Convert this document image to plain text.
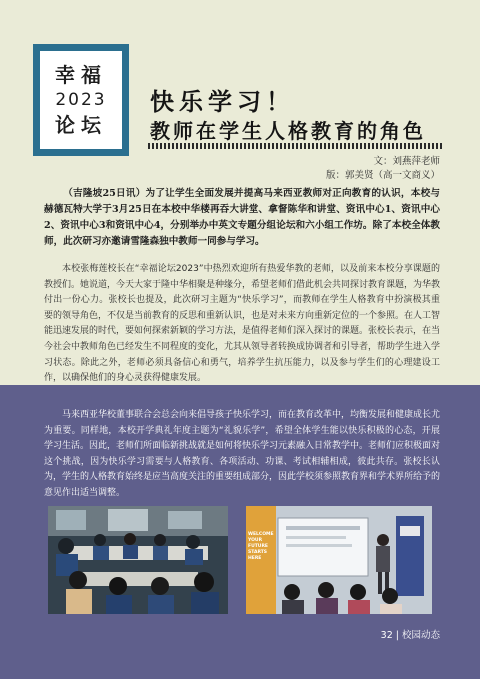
幸福
2023
论坛
快乐学习！
教师在学生人格教育的角色
文：刘燕萍老师
版：郭美贤（高一文商义）

（吉隆坡25日讯）为了让学生全面发展并提高马来西亚教师对正向教育的认识，本校与赫德瓦特大学于3月25日在本校中华楼再吞大讲堂、拿督陈华和讲堂、资讯中心1、资讯中心2、资讯中心3和资讯中心4，分别举办中英文专题分组论坛和六小组工作坊。除了本校全体教师，此次研习亦邀请雪隆森独中教师一同参与学习。

本校张梅莲校长在“幸福论坛2023”中热烈欢迎所有热爱华教的老师，以及前来本校分享课题的教授们。她说道，今天大家于隆中华相聚是种缘分，希望老师们借此机会共同探讨教育课题，为华教付出一份心力。张校长也提及，此次研习主题为“快乐学习”，而教师在学生人格教育中扮演极其重要的领导角色，不仅是当前教育的反思和重新认识，也是对未来方向重新定位的一个参照。在人工智能迅速发展的时代，要如何探索新颖的学习方法，是值得老师们深入探讨的课题。张校长表示，在当今社会中教师角色已经发生不同程度的变化，尤其从领导者转换成协调者和引导者，帮助学生进入学习状态。除此之外，老师必须具备信心和勇气，培养学生抗压能力，以及参与学生们的心理建设工作，以确保他们的身心灵获得健康发展。

马来西亚华校董事联合会总会向来倡导孩子快乐学习，而在教育改革中，均衡发展和健康成长尤为重要。同样地，本校开学典礼年度主题为“礼貌乐学”，希望全体学生能以快乐积极的心态，开展学习生活。因此，老师们所面临新挑战就是如何将快乐学习元素融入日常教学中。老师们应积极面对这个挑战，因为快乐学习需要与人格教育、各项活动、功课、考试相辅相成，彼此共存。张校长认为，学生的人格教育始终是应当高度关注的重要组成部分，因此学校须参照教育界和学术界所给予的意见作出适当调整。

WELCOME
YOUR
FUTURE
STARTS
HERE
32 | 校园动态
